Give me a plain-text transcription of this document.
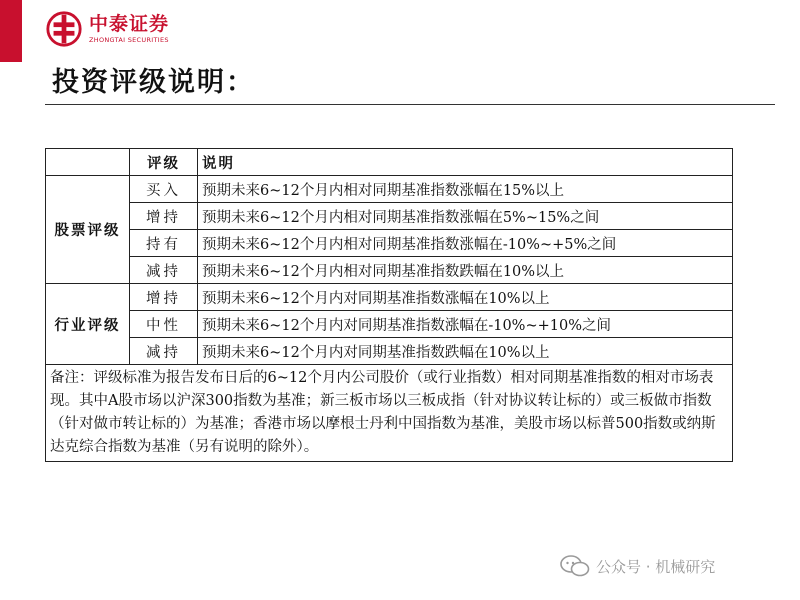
中泰证券
ZHONGTAI SECURITIES
投资评级说明：
	评级	说明
股票评级	买入	预期未来6~12个月内相对同期基准指数涨幅在15%以上
	增持	预期未来6~12个月内相对同期基准指数涨幅在5%~15%之间
	持有	预期未来6~12个月内相对同期基准指数涨幅在-10%~+5%之间
	减持	预期未来6~12个月内相对同期基准指数跌幅在10%以上
行业评级	增持	预期未来6~12个月内对同期基准指数涨幅在10%以上
	中性	预期未来6~12个月内对同期基准指数涨幅在-10%~+10%之间
	减持	预期未来6~12个月内对同期基准指数跌幅在10%以上
备注：评级标准为报告发布日后的6~12个月内公司股价（或行业指数）相对同期基准指数的相对市场表现。其中A股市场以沪深300指数为基准；新三板市场以三板成指（针对协议转让标的）或三板做市指数（针对做市转让标的）为基准；香港市场以摩根士丹利中国指数为基准，美股市场以标普500指数或纳斯达克综合指数为基准（另有说明的除外）。		
公众号 · 机械研究
